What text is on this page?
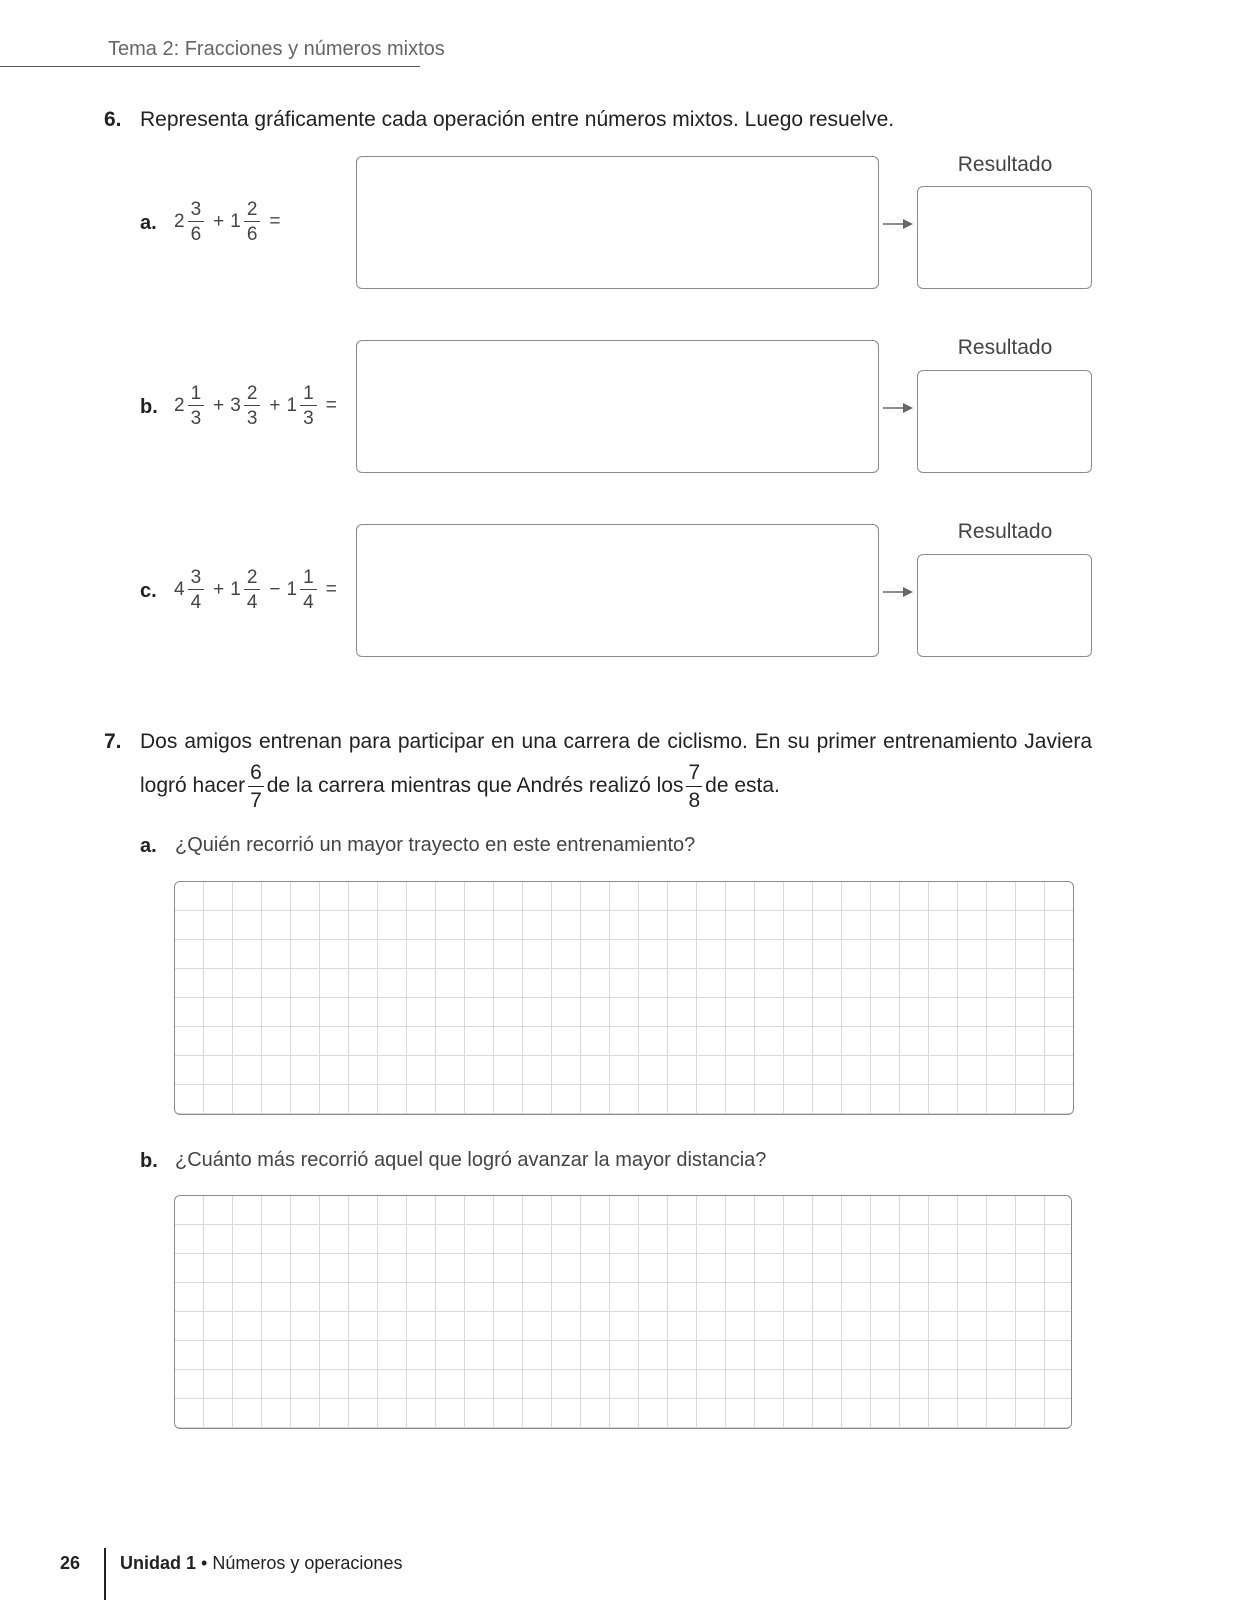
Tema 2: Fracciones y números mixtos
6. Representa gráficamente cada operación entre números mixtos. Luego resuelve.
a. $2 \frac{3}{6} + 1 \frac{2}{6}$ =
Resultado
b. $2 \frac{1}{3} + 3 \frac{2}{3} + 1 \frac{1}{3}$ =
Resultado
c. $4 \frac{3}{4} + 1 \frac{2}{4} - 1 \frac{1}{4}$ =
Resultado
7. Dos amigos entrenan para participar en una carrera de ciclismo. En su primer entrenamiento Javiera
logró hacer $\frac{6}{7}$ de la carrera mientras que Andrés realizó los $\frac{7}{8}$ de esta.
a. ¿Quién recorrió un mayor trayecto en este entrenamiento?
b. ¿Cuánto más recorrió aquel que logró avanzar la mayor distancia?
26 Unidad 1 • Números y operaciones
